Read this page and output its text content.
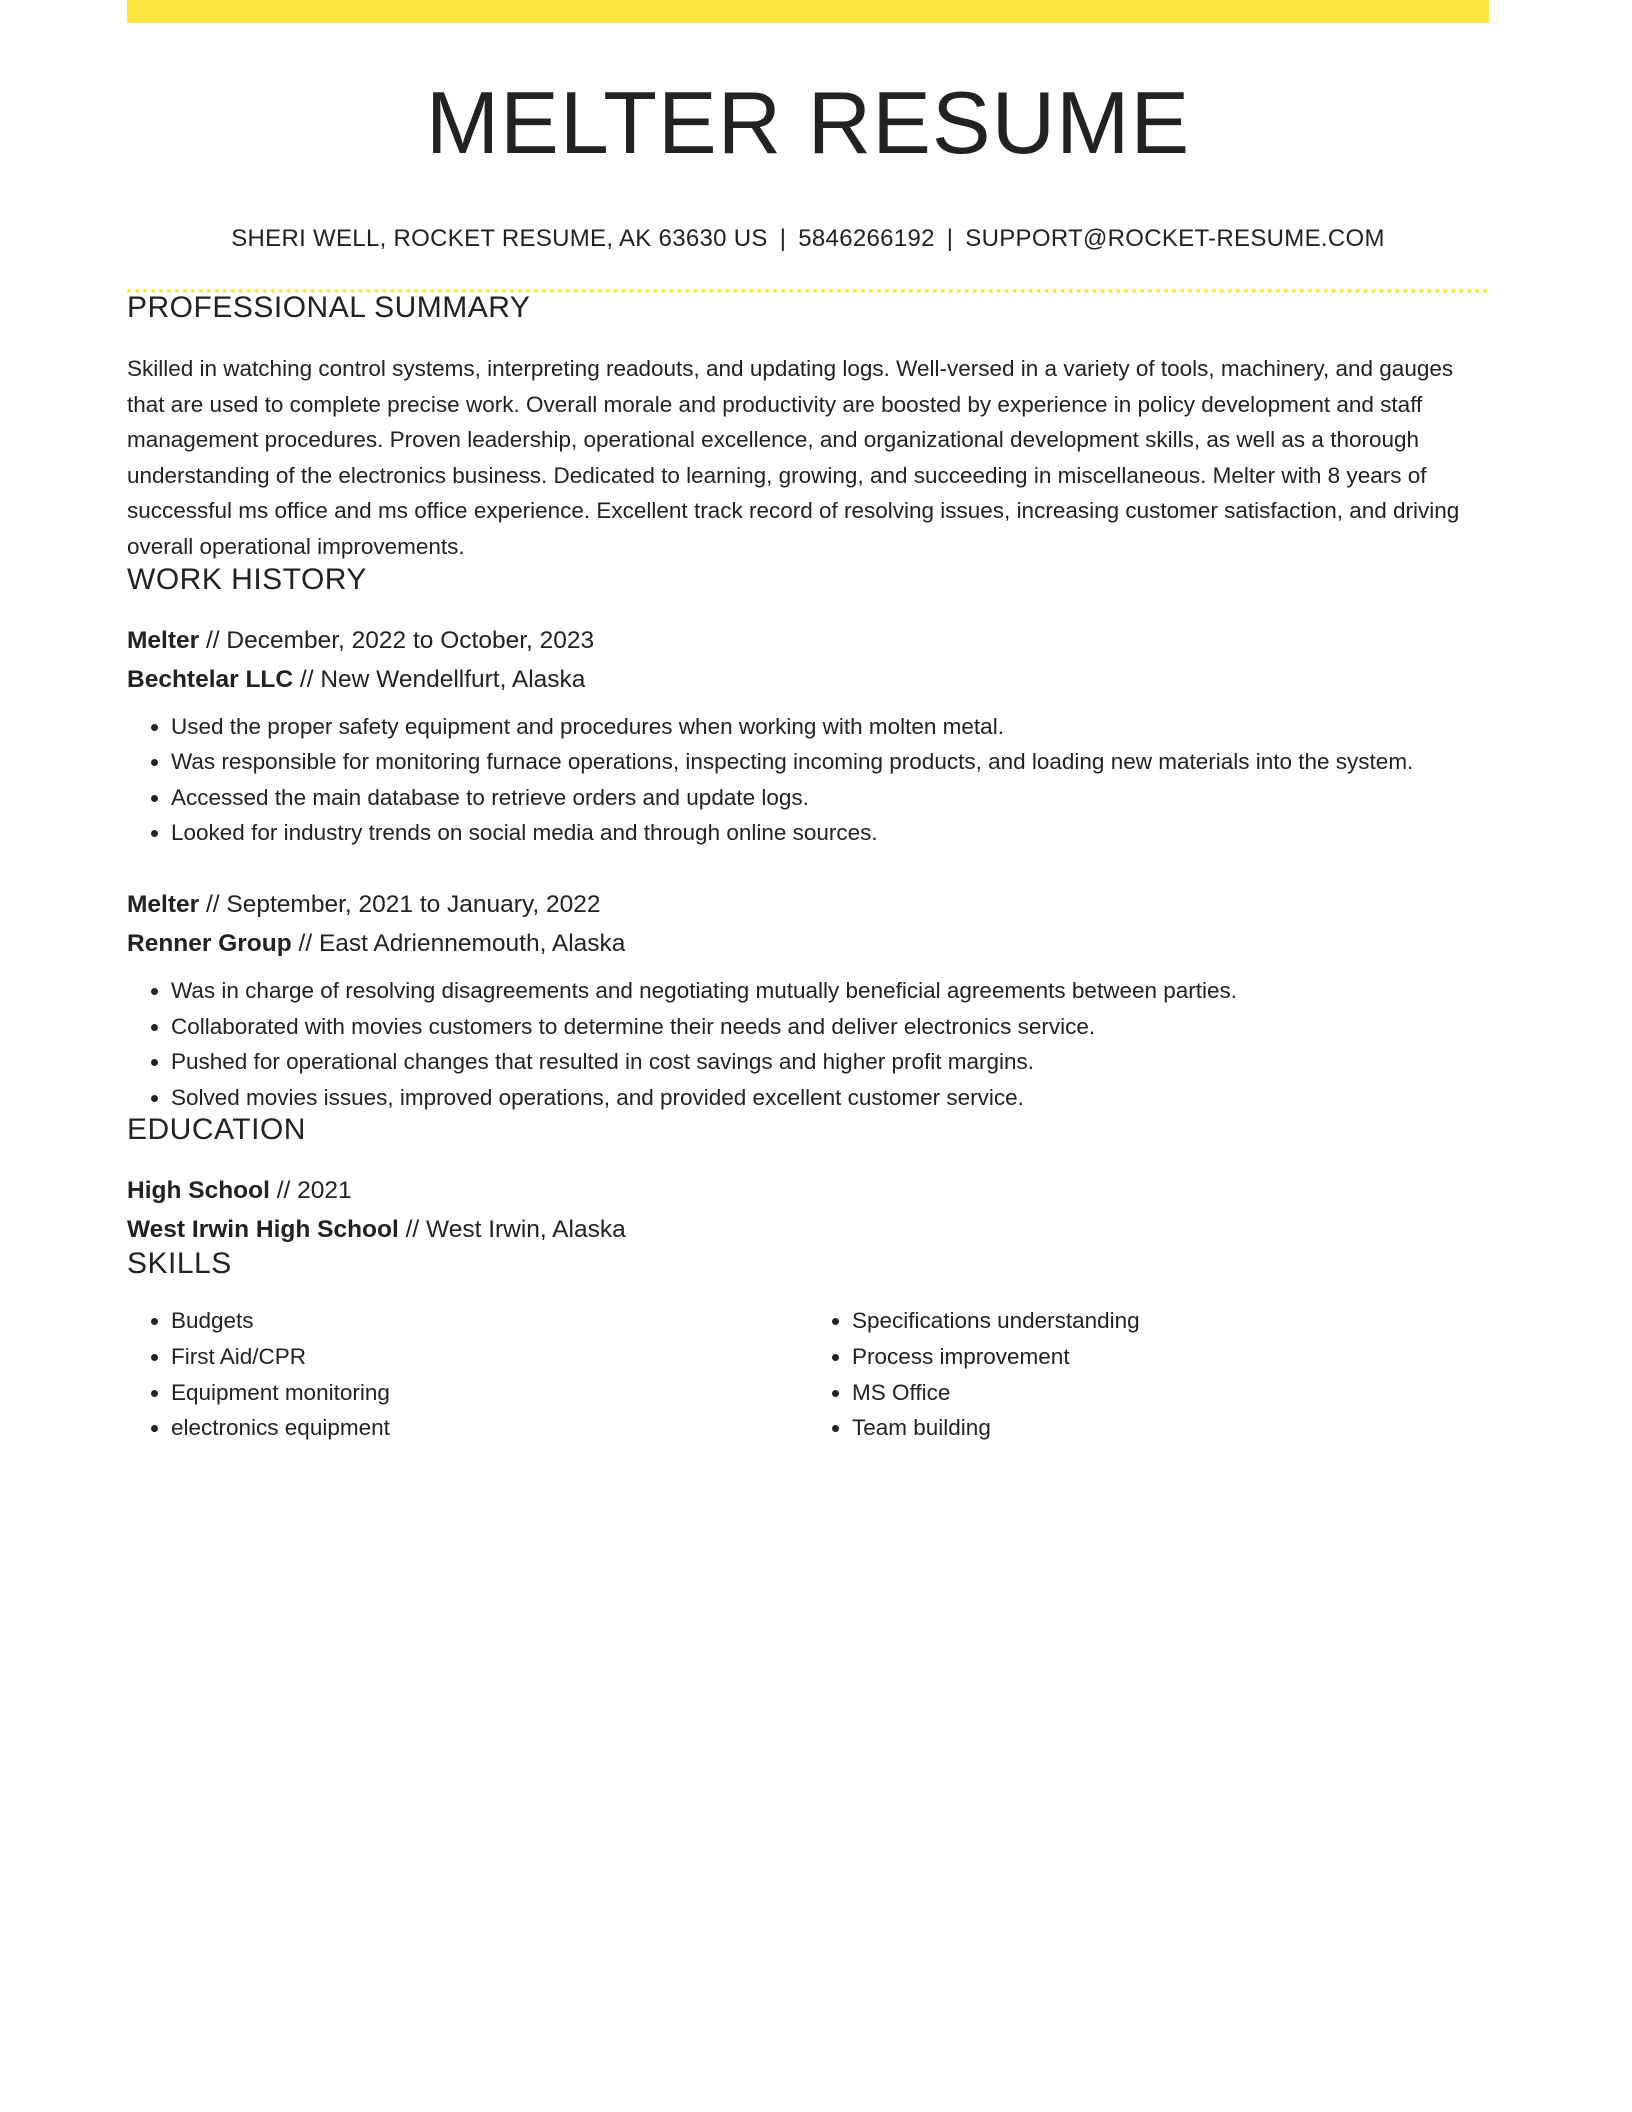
MELTER RESUME
SHERI WELL, ROCKET RESUME, AK 63630 US | 5846266192 | SUPPORT@ROCKET-RESUME.COM
PROFESSIONAL SUMMARY

Skilled in watching control systems, interpreting readouts, and updating logs. Well-versed in a variety of tools, machinery, and gauges that are used to complete precise work. Overall morale and productivity are boosted by experience in policy development and staff management procedures. Proven leadership, operational excellence, and organizational development skills, as well as a thorough understanding of the electronics business. Dedicated to learning, growing, and succeeding in miscellaneous. Melter with 8 years of successful ms office and ms office experience. Excellent track record of resolving issues, increasing customer satisfaction, and driving overall operational improvements.

WORK HISTORY
Melter // December, 2022 to October, 2023
Bechtelar LLC // New Wendellfurt, Alaska
• Used the proper safety equipment and procedures when working with molten metal.
• Was responsible for monitoring furnace operations, inspecting incoming products, and loading new materials into the system.
• Accessed the main database to retrieve orders and update logs.
• Looked for industry trends on social media and through online sources.
Melter // September, 2021 to January, 2022
Renner Group // East Adriennemouth, Alaska
• Was in charge of resolving disagreements and negotiating mutually beneficial agreements between parties.
• Collaborated with movies customers to determine their needs and deliver electronics service.
• Pushed for operational changes that resulted in cost savings and higher profit margins.
• Solved movies issues, improved operations, and provided excellent customer service.
EDUCATION
High School // 2021
West Irwin High School // West Irwin, Alaska
SKILLS
• Budgets
• First Aid/CPR
• Equipment monitoring
• electronics equipment
• Specifications understanding
• Process improvement
• MS Office
• Team building
